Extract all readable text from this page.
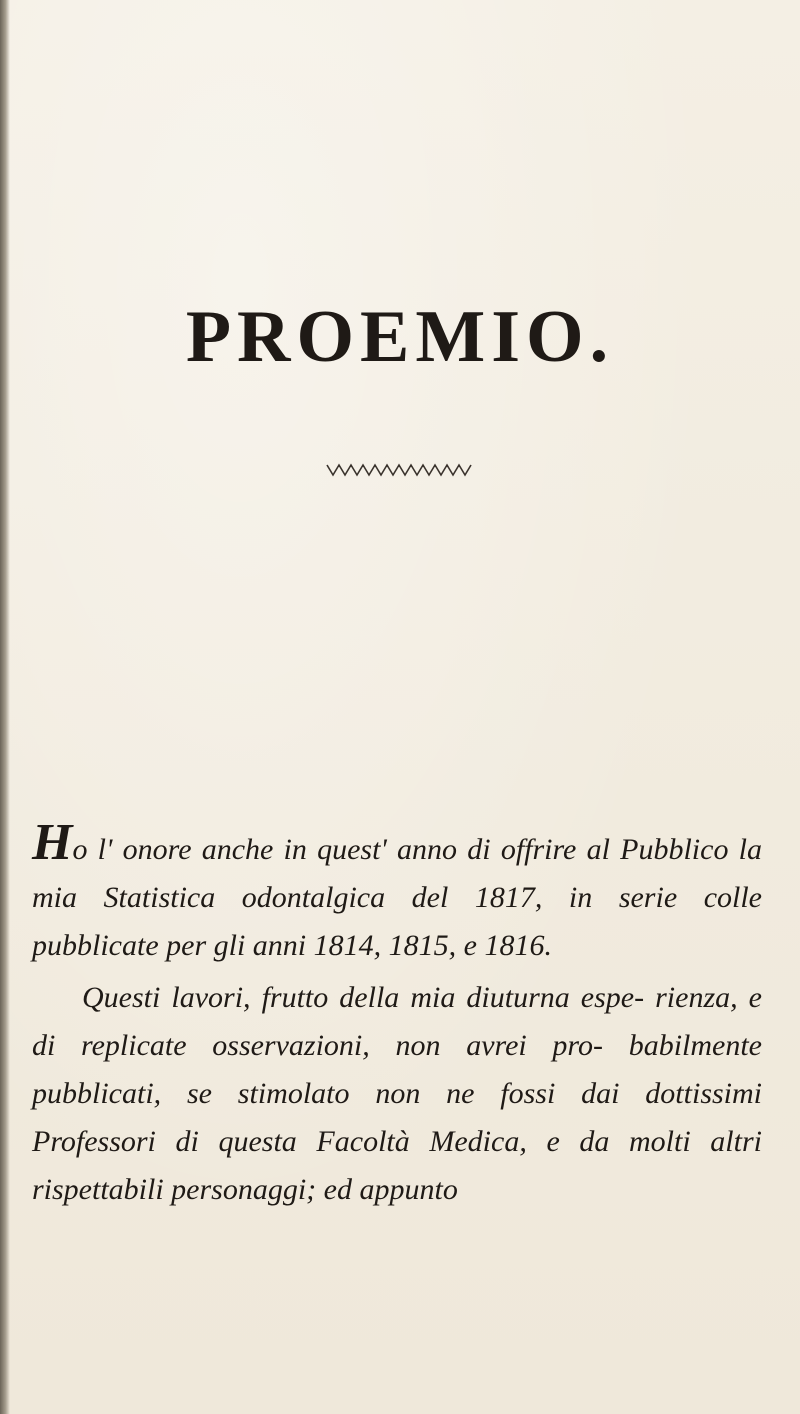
PROEMIO.

Ho l' onore anche in quest' anno di offrire al Pubblico la mia Statistica odontalgica del 1817, in serie colle pubblicate per gli anni 1814, 1815, e 1816.

Questi lavori, frutto della mia diuturna espe- rienza, e di replicate osservazioni, non avrei pro- babilmente pubblicati, se stimolato non ne fossi dai dottissimi Professori di questa Facoltà Medica, e da molti altri rispettabili personaggi; ed appunto
